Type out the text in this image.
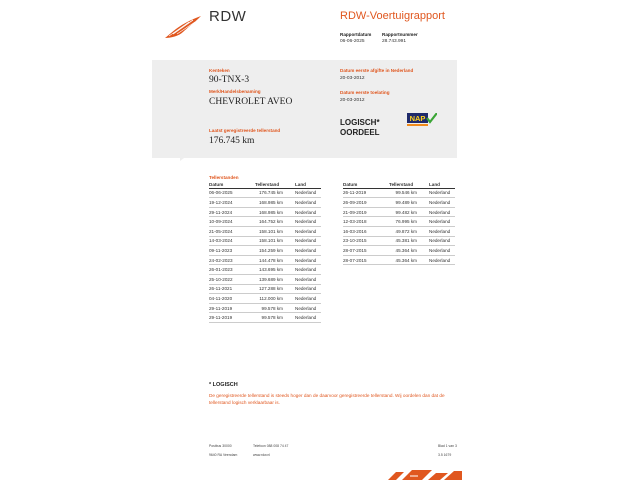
RDW	RDW-Voertuigrapport
Rapportdatum
06-06-2025
Rapportnummer
28.743.991
Kenteken
90-TNX-3
Merk/Handelsbenaming
CHEVROLET AVEO
Laatst geregistreerde tellerstand
176.745 km
Datum eerste afgifte in Nederland
20-03-2012
Datum eerste toelating
20-03-2012
LOGISCH*
OORDEEL
NAP
Tellerstanden
Datum	Tellerstand	Land
06-06-2025	176.745 km	Nederland
19-12-2024	168.985 km	Nederland
29-11-2024	168.985 km	Nederland
10-09-2024	164.752 km	Nederland
21-05-2024	158.101 km	Nederland
14-03-2024	158.101 km	Nederland
09-11-2023	154.259 km	Nederland
24-02-2023	144.478 km	Nederland
26-01-2023	143.695 km	Nederland
25-10-2022	139.689 km	Nederland
26-11-2021	127.288 km	Nederland
04-11-2020	112.000 km	Nederland
29-11-2019	99.578 km	Nederland
29-11-2019	99.578 km	Nederland
Datum	Tellerstand	Land
26-11-2019	99.546 km	Nederland
26-09-2019	99.489 km	Nederland
21-09-2019	99.482 km	Nederland
12-03-2018	76.995 km	Nederland
16-03-2016	49.872 km	Nederland
23-10-2015	45.381 km	Nederland
28-07-2015	45.364 km	Nederland
28-07-2015	45.364 km	Nederland
* LOGISCH
De geregistreerde tellerstand is steeds hoger dan de daarvoor geregistreerde tellerstand. Wij oordelen dan dat de tellerstand logisch verklaarbaar is.
Postbus 30000
9640 RA Veendam
Telefoon 088 008 74 47
www.rdw.nl
Blad 1 van 3
3.5 1679
